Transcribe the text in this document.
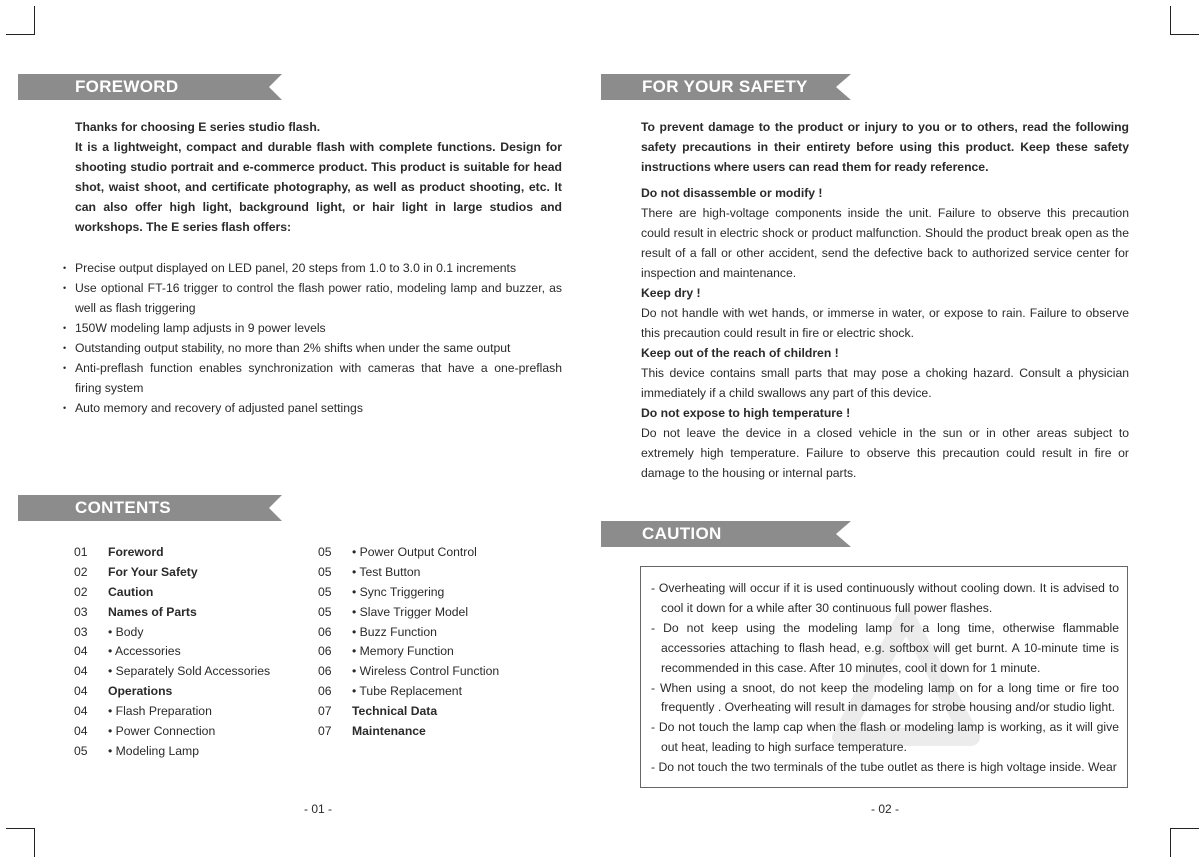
FOREWORD
Thanks for choosing E series studio flash.
It is a lightweight, compact and durable flash with complete functions. Design for shooting studio portrait and e-commerce product. This product is suitable for head shot, waist shoot, and certificate photography, as well as product shooting, etc. It can also offer high light, background light, or hair light in large studios and workshops. The E series flash offers:
• Precise output displayed on LED panel, 20 steps from 1.0 to 3.0 in 0.1 increments
• Use optional FT-16 trigger to control the flash power ratio, modeling lamp and buzzer, as well as flash triggering
• 150W modeling lamp adjusts in 9 power levels
• Outstanding output stability, no more than 2% shifts when under the same output
• Anti-preflash function enables synchronization with cameras that have a one-preflash firing system
• Auto memory and recovery of adjusted panel settings
CONTENTS
01	Foreword
02	For Your Safety
02	Caution
03	Names of Parts
03	• Body
04	• Accessories
04	• Separately Sold Accessories
04	Operations
04	• Flash Preparation
04	• Power Connection
05	• Modeling Lamp
05	• Power Output Control
05	• Test Button
05	• Sync Triggering
05	• Slave Trigger Model
06	• Buzz Function
06	• Memory Function
06	• Wireless Control Function
06	• Tube Replacement
07	Technical Data
07	Maintenance
- 01 -
FOR YOUR SAFETY
To prevent damage to the product or injury to you or to others, read the following safety precautions in their entirety before using this product. Keep these safety instructions where users can read them for ready reference.
Do not disassemble or modify !
There are high-voltage components inside the unit. Failure to observe this precaution could result in electric shock or product malfunction. Should the product break open as the result of a fall or other accident, send the defective back to authorized service center for inspection and maintenance.
Keep dry !
Do not handle with wet hands, or immerse in water, or expose to rain. Failure to observe this precaution could result in fire or electric shock.
Keep out of the reach of children !
This device contains small parts that may pose a choking hazard. Consult a physician immediately if a child swallows any part of this device.
Do not expose to high temperature !
Do not leave the device in a closed vehicle in the sun or in other areas subject to extremely high temperature. Failure to observe this precaution could result in fire or damage to the housing or internal parts.
CAUTION
- Overheating will occur if it is used continuously without cooling down. It is advised to cool it down for a while after 30 continuous full power flashes.
- Do not keep using the modeling lamp for a long time, otherwise flammable accessories attaching to flash head, e.g. softbox will get burnt. A 10-minute time is recommended in this case. After 10 minutes, cool it down for 1 minute.
- When using a snoot, do not keep the modeling lamp on for a long time or fire too frequently . Overheating will result in damages for strobe housing and/or studio light.
- Do not touch the lamp cap when the flash or modeling lamp is working, as it will give out heat, leading to high surface temperature.
- Do not touch the two terminals of the tube outlet as there is high voltage inside. Wear
- 02 -
